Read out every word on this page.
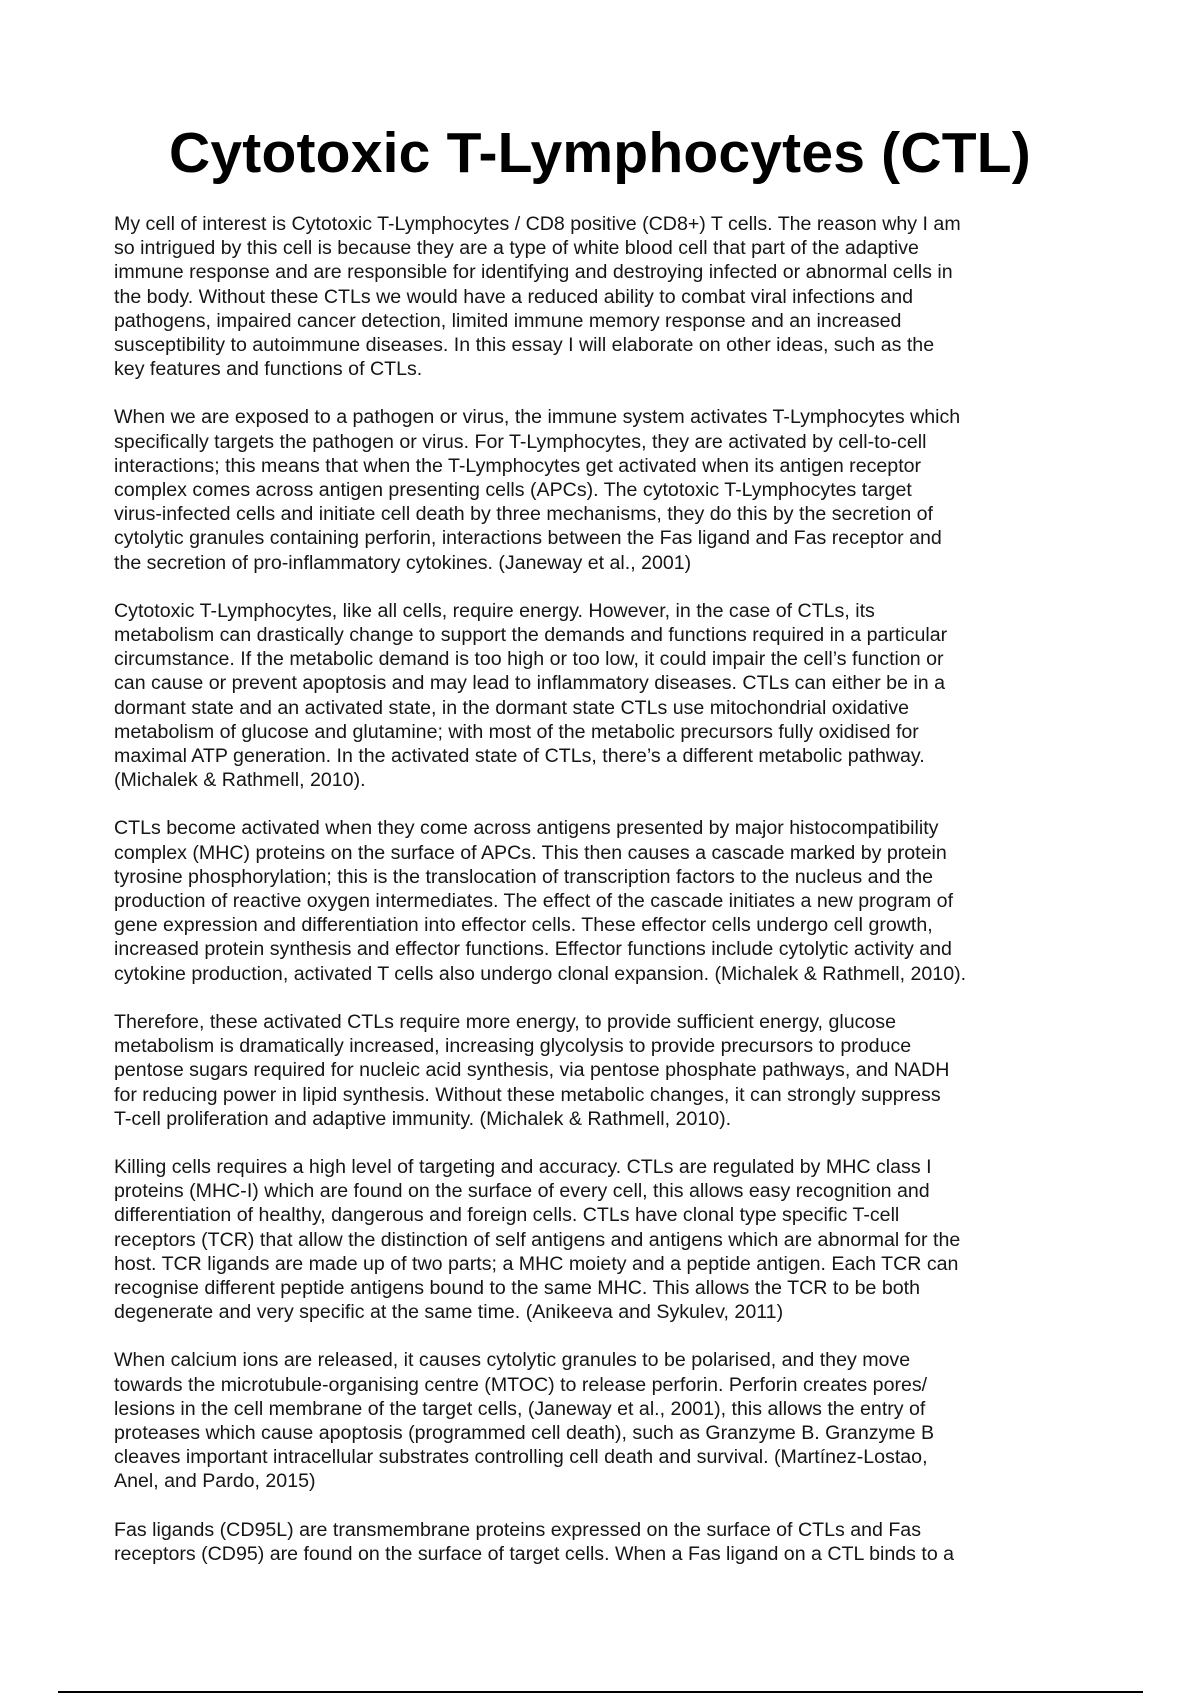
Cytotoxic T-Lymphocytes (CTL)

My cell of interest is Cytotoxic T-Lymphocytes / CD8 positive (CD8+) T cells. The reason why I am
so intrigued by this cell is because they are a type of white blood cell that part of the adaptive
immune response and are responsible for identifying and destroying infected or abnormal cells in
the body. Without these CTLs we would have a reduced ability to combat viral infections and
pathogens, impaired cancer detection, limited immune memory response and an increased
susceptibility to autoimmune diseases. In this essay I will elaborate on other ideas, such as the
key features and functions of CTLs.

When we are exposed to a pathogen or virus, the immune system activates T-Lymphocytes which
specifically targets the pathogen or virus. For T-Lymphocytes, they are activated by cell-to-cell
interactions; this means that when the T-Lymphocytes get activated when its antigen receptor
complex comes across antigen presenting cells (APCs). The cytotoxic T-Lymphocytes target
virus-infected cells and initiate cell death by three mechanisms, they do this by the secretion of
cytolytic granules containing perforin, interactions between the Fas ligand and Fas receptor and
the secretion of pro-inflammatory cytokines. (Janeway et al., 2001)

Cytotoxic T-Lymphocytes, like all cells, require energy. However, in the case of CTLs, its
metabolism can drastically change to support the demands and functions required in a particular
circumstance. If the metabolic demand is too high or too low, it could impair the cell’s function or
can cause or prevent apoptosis and may lead to inflammatory diseases. CTLs can either be in a
dormant state and an activated state, in the dormant state CTLs use mitochondrial oxidative
metabolism of glucose and glutamine; with most of the metabolic precursors fully oxidised for
maximal ATP generation. In the activated state of CTLs, there’s a different metabolic pathway.
(Michalek & Rathmell, 2010).

CTLs become activated when they come across antigens presented by major histocompatibility
complex (MHC) proteins on the surface of APCs. This then causes a cascade marked by protein
tyrosine phosphorylation; this is the translocation of transcription factors to the nucleus and the
production of reactive oxygen intermediates. The effect of the cascade initiates a new program of
gene expression and differentiation into effector cells. These effector cells undergo cell growth,
increased protein synthesis and effector functions. Effector functions include cytolytic activity and
cytokine production, activated T cells also undergo clonal expansion. (Michalek & Rathmell, 2010).

Therefore, these activated CTLs require more energy, to provide sufficient energy, glucose
metabolism is dramatically increased, increasing glycolysis to provide precursors to produce
pentose sugars required for nucleic acid synthesis, via pentose phosphate pathways, and NADH
for reducing power in lipid synthesis. Without these metabolic changes, it can strongly suppress
T-cell proliferation and adaptive immunity. (Michalek & Rathmell, 2010).

Killing cells requires a high level of targeting and accuracy. CTLs are regulated by MHC class I
proteins (MHC-I) which are found on the surface of every cell, this allows easy recognition and
differentiation of healthy, dangerous and foreign cells. CTLs have clonal type specific T-cell
receptors (TCR) that allow the distinction of self antigens and antigens which are abnormal for the
host. TCR ligands are made up of two parts; a MHC moiety and a peptide antigen. Each TCR can
recognise different peptide antigens bound to the same MHC. This allows the TCR to be both
degenerate and very specific at the same time. (Anikeeva and Sykulev, 2011)

When calcium ions are released, it causes cytolytic granules to be polarised, and they move
towards the microtubule-organising centre (MTOC) to release perforin. Perforin creates pores/
lesions in the cell membrane of the target cells, (Janeway et al., 2001), this allows the entry of
proteases which cause apoptosis (programmed cell death), such as Granzyme B. Granzyme B
cleaves important intracellular substrates controlling cell death and survival. (Martínez-Lostao,
Anel, and Pardo, 2015)

Fas ligands (CD95L) are transmembrane proteins expressed on the surface of CTLs and Fas
receptors (CD95) are found on the surface of target cells. When a Fas ligand on a CTL binds to a
